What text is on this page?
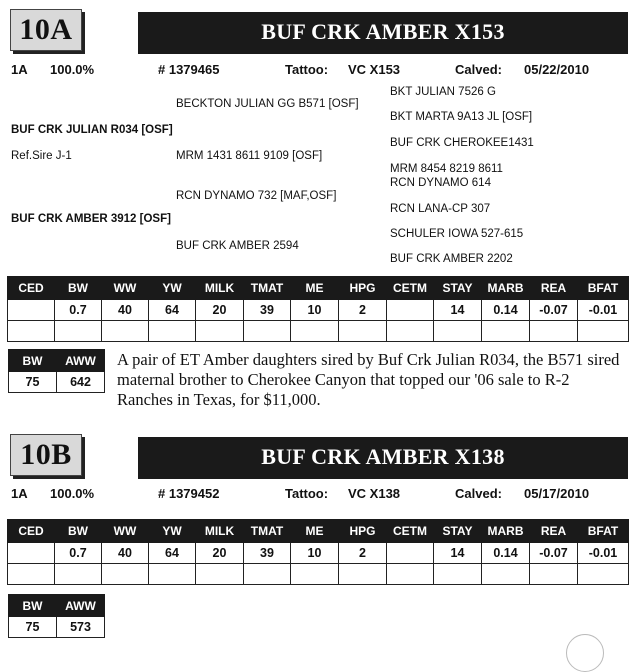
10A	BUF CRK AMBER X153
1A 100.0%	# 1379465	Tattoo: VC X153	Calved: 05/22/2010
BUF CRK JULIAN R034 [OSF]
Ref.Sire J-1
BUF CRK AMBER 3912 [OSF]
BECKTON JULIAN GG B571 [OSF]
MRM 1431 8611 9109 [OSF]
RCN DYNAMO 732 [MAF,OSF]
BUF CRK AMBER 2594
BKT JULIAN 7526 G
BKT MARTA 9A13 JL [OSF]
BUF CRK CHEROKEE1431
MRM 8454 8219 8611
RCN DYNAMO 614
RCN LANA-CP 307
SCHULER IOWA 527-615
BUF CRK AMBER 2202
CED	BW	WW	YW	MILK	TMAT	ME	HPG	CETM	STAY	MARB	REA	BFAT
	0.7	40	64	20	39	10	2		14	0.14	-0.07	-0.01

BW	AWW
75	642
A pair of ET Amber daughters sired by Buf Crk Julian R034, the B571 sired maternal brother to Cherokee Canyon that topped our '06 sale to R-2 Ranches in Texas, for $11,000.
10B	BUF CRK AMBER X138
1A 100.0%	# 1379452	Tattoo: VC X138	Calved: 05/17/2010
CED	BW	WW	YW	MILK	TMAT	ME	HPG	CETM	STAY	MARB	REA	BFAT
	0.7	40	64	20	39	10	2		14	0.14	-0.07	-0.01

BW	AWW
75	573
